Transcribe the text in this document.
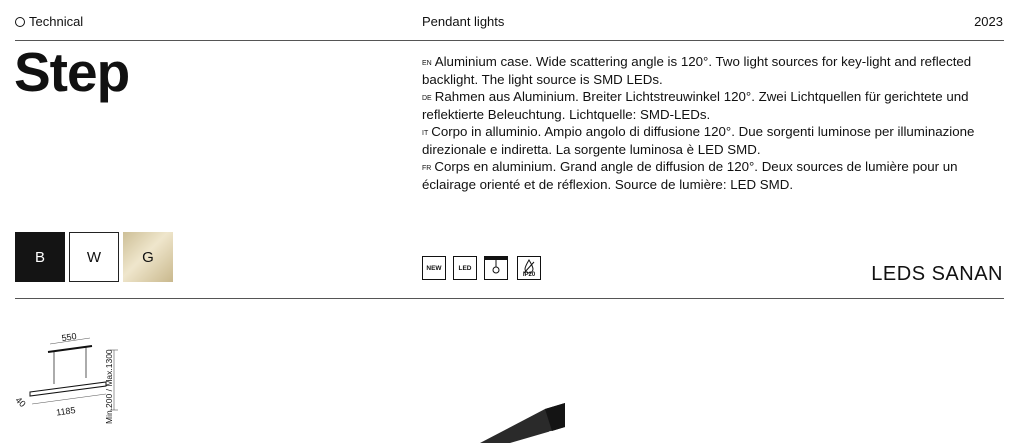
Technical	Pendant lights	2023
Step	$^{EN}$ Aluminium case. Wide scattering angle is 120°. Two light sources for key-light and reflected backlight. The light source is SMD LEDs.

$^{DE}$ Rahmen aus Aluminium. Breiter Lichtstreuwinkel 120°. Zwei Lichtquellen für gerichtete und reflektierte Beleuchtung. Lichtquelle: SMD-LEDs.

$^{IT}$ Corpo in alluminio. Ampio angolo di diffusione 120°. Due sorgenti luminose per illuminazione direzionale e indiretta. La sorgente luminosa è LED SMD.

$^{FR}$ Corps en aluminium. Grand angle de diffusion de 120°. Deux sources de lumière pour un éclairage orienté et de réflexion. Source de lumière: LED SMD.

B	W	G
NEW	LED
IP20	LEDS SANAN
550
1185
40	Min.200 / Max.1300
